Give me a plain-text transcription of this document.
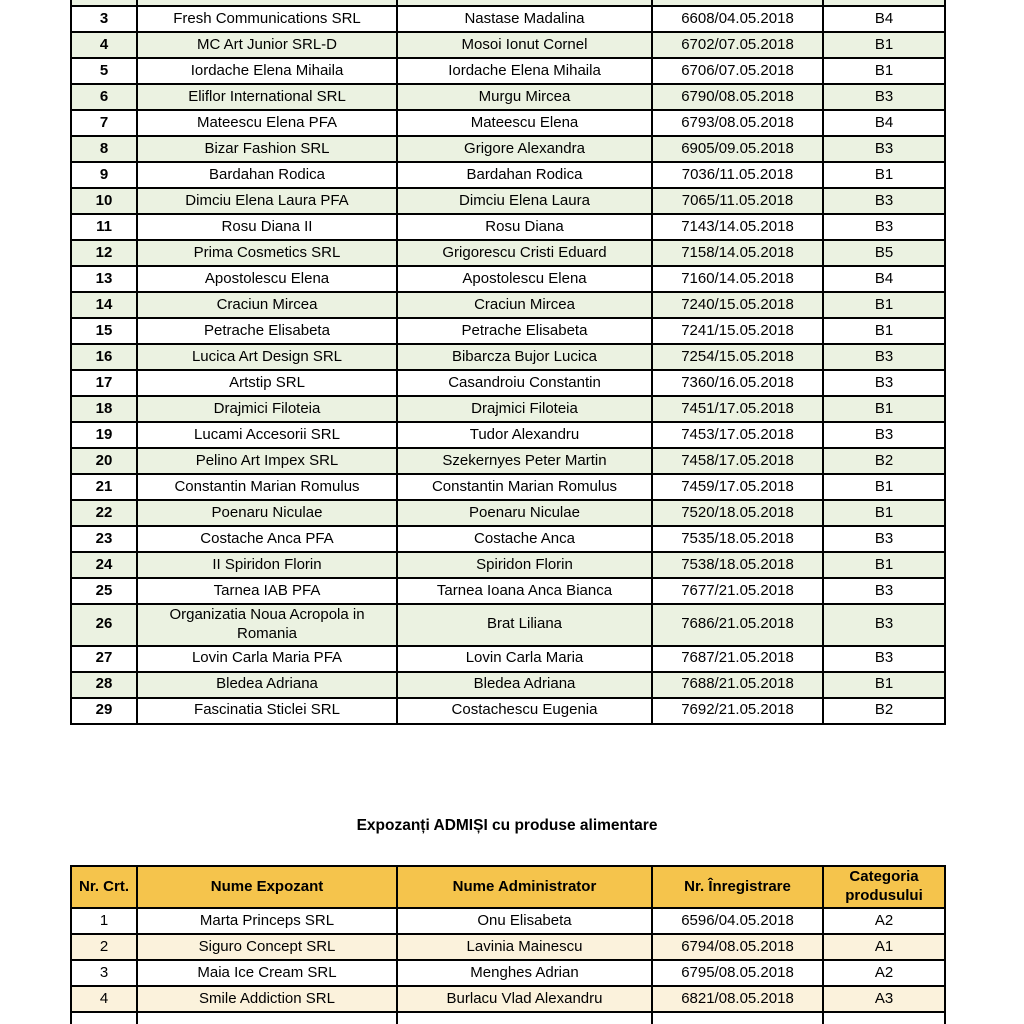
3	Fresh Communications SRL	Nastase Madalina	6608/04.05.2018	B4
4	MC Art Junior SRL-D	Mosoi Ionut Cornel	6702/07.05.2018	B1
5	Iordache Elena Mihaila	Iordache Elena Mihaila	6706/07.05.2018	B1
6	Eliflor International SRL	Murgu Mircea	6790/08.05.2018	B3
7	Mateescu Elena PFA	Mateescu Elena	6793/08.05.2018	B4
8	Bizar Fashion SRL	Grigore Alexandra	6905/09.05.2018	B3
9	Bardahan Rodica	Bardahan Rodica	7036/11.05.2018	B1
10	Dimciu Elena Laura PFA	Dimciu Elena Laura	7065/11.05.2018	B3
11	Rosu Diana II	Rosu Diana	7143/14.05.2018	B3
12	Prima Cosmetics SRL	Grigorescu Cristi Eduard	7158/14.05.2018	B5
13	Apostolescu Elena	Apostolescu Elena	7160/14.05.2018	B4
14	Craciun Mircea	Craciun Mircea	7240/15.05.2018	B1
15	Petrache Elisabeta	Petrache Elisabeta	7241/15.05.2018	B1
16	Lucica Art Design SRL	Bibarcza Bujor Lucica	7254/15.05.2018	B3
17	Artstip SRL	Casandroiu Constantin	7360/16.05.2018	B3
18	Drajmici Filoteia	Drajmici Filoteia	7451/17.05.2018	B1
19	Lucami Accesorii SRL	Tudor Alexandru	7453/17.05.2018	B3
20	Pelino Art Impex SRL	Szekernyes Peter Martin	7458/17.05.2018	B2
21	Constantin Marian Romulus	Constantin Marian Romulus	7459/17.05.2018	B1
22	Poenaru Niculae	Poenaru Niculae	7520/18.05.2018	B1
23	Costache Anca PFA	Costache Anca	7535/18.05.2018	B3
24	II Spiridon Florin	Spiridon Florin	7538/18.05.2018	B1
25	Tarnea IAB PFA	Tarnea Ioana Anca Bianca	7677/21.05.2018	B3
26	Organizatia Noua Acropola in Romania	Brat Liliana	7686/21.05.2018	B3
27	Lovin Carla Maria PFA	Lovin Carla Maria	7687/21.05.2018	B3
28	Bledea Adriana	Bledea Adriana	7688/21.05.2018	B1
29	Fascinatia Sticlei SRL	Costachescu Eugenia	7692/21.05.2018	B2
Expozanți ADMIȘI cu produse alimentare
Nr. Crt.	Nume Expozant	Nume Administrator	Nr. Înregistrare	Categoria produsului
1	Marta Princeps SRL	Onu Elisabeta	6596/04.05.2018	A2
2	Siguro Concept SRL	Lavinia Mainescu	6794/08.05.2018	A1
3	Maia Ice Cream SRL	Menghes Adrian	6795/08.05.2018	A2
4	Smile Addiction SRL	Burlacu Vlad Alexandru	6821/08.05.2018	A3
